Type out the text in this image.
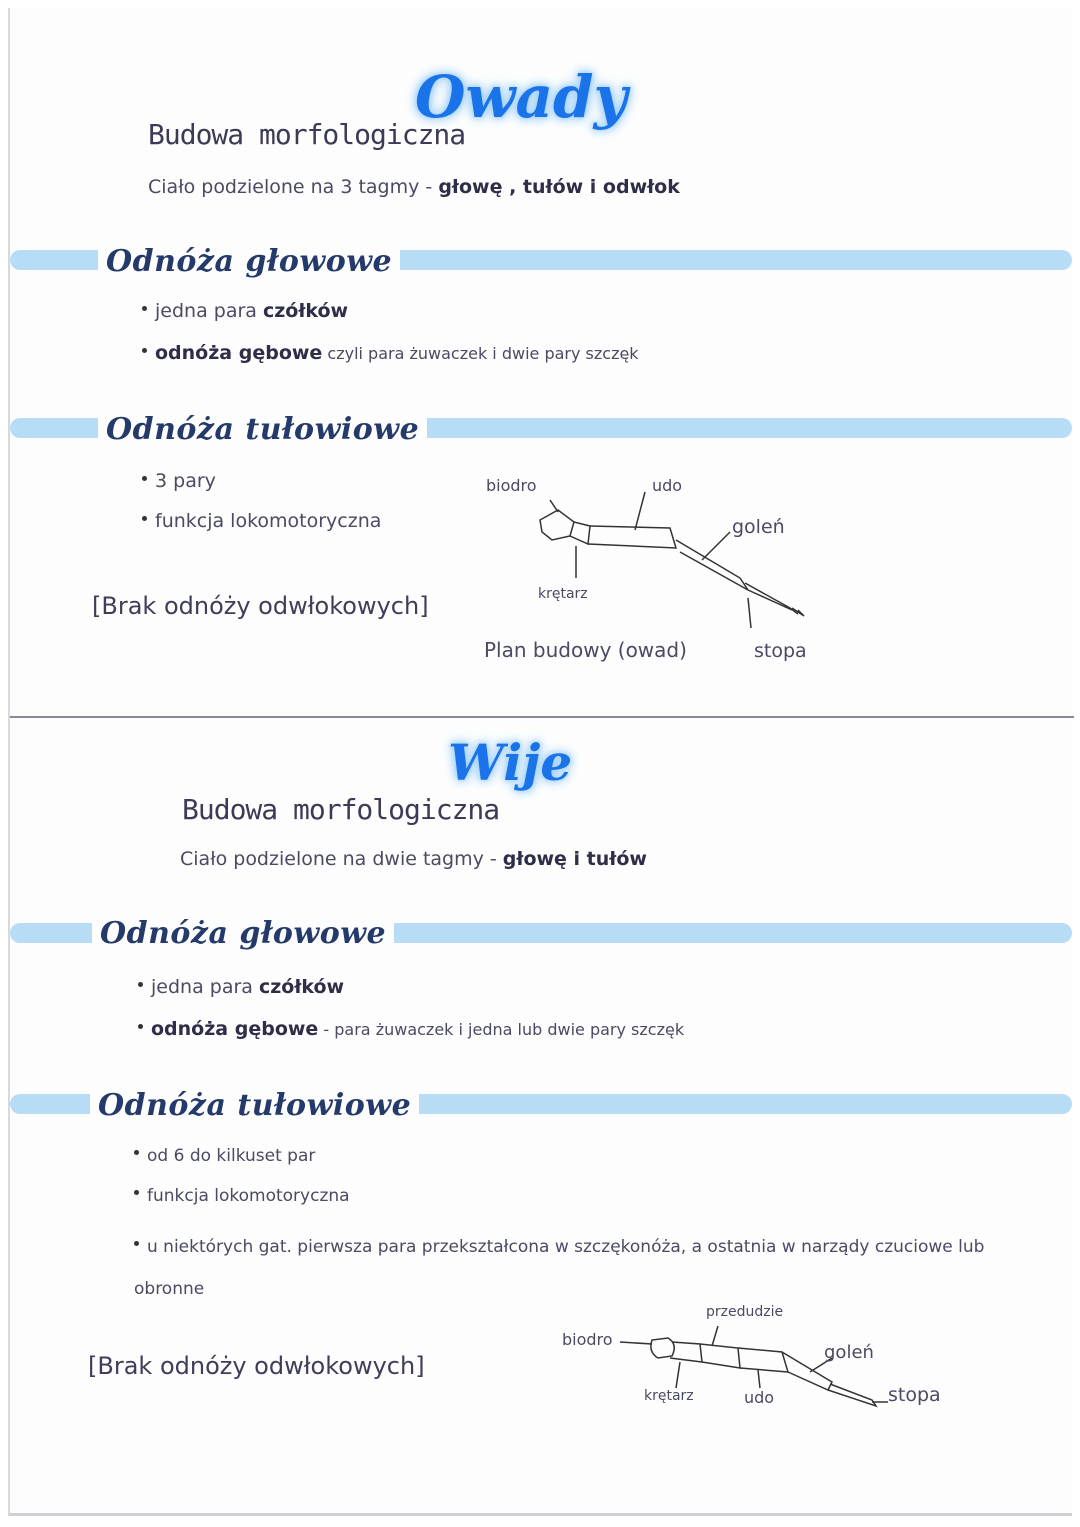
Owady
Budowa morfologiczna
Ciało podzielone na 3 tagmy - głowę , tułów i odwłok
Odnóża głowowe
jedna para czółków
odnóża gębowe czyli para żuwaczek i dwie pary szczęk
Odnóża tułowiowe
3 pary
funkcja lokomotoryczna
[Brak odnóży odwłokowych]
biodro	udo
goleń
krętarz
stopa
Plan budowy (owad)
Wije
Budowa morfologiczna
Ciało podzielone na dwie tagmy - głowę i tułów
Odnóża głowowe
jedna para czółków
odnóża gębowe - para żuwaczek i jedna lub dwie pary szczęk
Odnóża tułowiowe
od 6 do kilkuset par
funkcja lokomotoryczna
u niektórych gat. pierwsza para przekształcona w szczękonóża, a ostatnia w narządy czuciowe lub obronne
[Brak odnóży odwłokowych]
biodro
przedudzie
goleń
krętarz	udo	stopa
